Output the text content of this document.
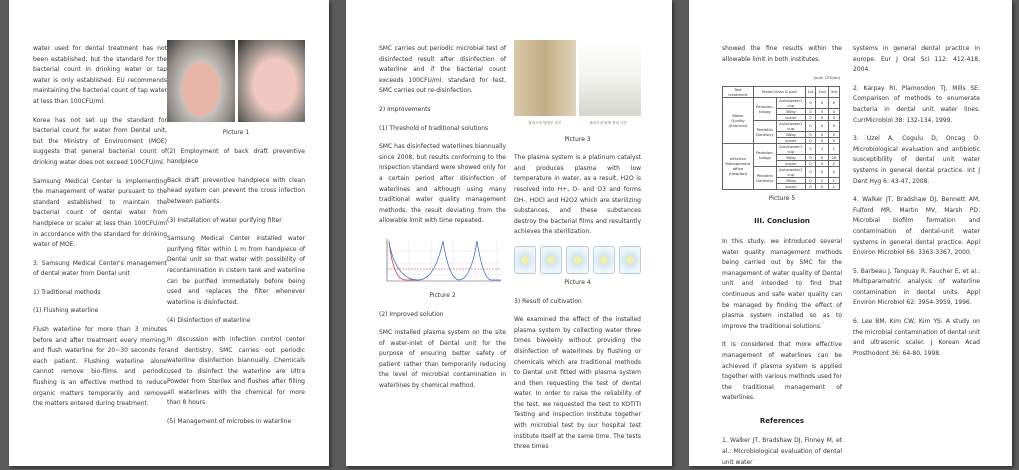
water used for dental treatment has not been established; but the standard for the bacterial count in drinking water or tap water is only established. EU recommends maintaining the bacterial count of tap water at less than 100CFU/ml.

Korea has not set up the standard for bacterial count for water from Dental unit, but the Ministry of Environment (MOE) suggests that general bacterial count of drinking water does not exceed 100CFU/ml.

Samsung Medical Center is implementing the management of water pursuant to the standard established to maintain the bacterial count of dental water from handpiece or scaler at less than 100CFU/ml in accordance with the standard for drinking water of MOE.

3. Samsung Medical Center's management of dental water from Dental unit

1) Traditional methods

(1) Flushing waterline

Flush waterline for more than 3 minutes before and after treatment every morning, and flush waterline for 20~30 seconds for each patient. Flushing waterline alone cannot remove bio-films and periodic flushing is an effective method to reduce organic matters temporarily and remove the matters entered during treatment.

Picture 1

(2) Employment of back draft preventive handpiece

Back draft preventive handpiece with clean head system can prevent the cross infection between patients.

(3) Installation of water purifying filter

Samsung Medical Center installed water purifying filter within 1 m from handpiece of Dental unit so that water with possibility of recontamination in cistern tank and waterline can be purified immediately before being used and replaces the filter whenever waterline is disinfected.

(4) Disinfection of waterline

In discussion with infection control center and dentistry, SMC carries out periodic waterline disinfection biannually. Chemicals used to disinfect the waterline are Ultra Powder from Sterilex and flushes after filling all waterlines with the chemical for more than 8 hours.

(5) Management of microbes in waterline

SMC carries out periodic microbial test of disinfected result after disinfection of waterline and if the bacterial count exceeds 100CFU/ml. standard for test, SMC carries out re-disinfection.

2) Improvements

(1) Threshold of traditional solutions

SMC has disinfected waterlines biannually since 2008, but results conforming to the inspection standard were showed only for a certain period after disinfection of waterlines and although using many traditional water quality management methods, the result deviating from the allowable limit with time repeated.

Picture 2

(2) Improved solution

SMC installed plasma system on the site of water-inlet of Dental unit for the purpose of ensuring better safety of patient rather than temporarily reducing the level of microbial contamination in waterlines by chemical method.

플라즈마 발생부 사진	플라즈마 발생 장치 사진

Picture 3

The plasma system is a platinum catalyst and produces plasma with low temperature in water, as a result, H2O is resolved into H+, O- and O3 and forms OH-, HOCl and H2O2 which are sterilizing substances, and these substances destroy the bacterial films and resultantly achieves the sterilization.

Picture 4

3) Result of cultivation

We examined the effect of the installed plasma system by collecting water three times biweekly without providing the disinfection of waterlines by flushing or chemicals which are traditional methods to Dental unit fitted with plasma system and then requesting the test of dental water. In order to raise the reliability of the test, we requested the test to KOTITI Testing and Inspection Institute together with microbial test by our hospital test institute itself at the same time. The tests three times

showed the fine results within the allowable limit in both institutes.

(unit: CFU/ml)
Test treatment	Tested Area & port		1st	2nd	3rd
Water Quality (External)	Periodon-tology	Auto/water1 cup	0	0	0
		3Way	0	0	0
		scaler	0	0	0
	Pediatric Dentistry	Auto/water1 cup	0	0	0
		3Way	0	0	0
		scaler	0	0	0
Infection Management office (Hospital)	Periodon-tology	Auto/water1 cup	0	1	1
		3Way	0	0	28
		scaler	0	0	0
	Pediatric Dentistry	Auto/water1 cup	0	0	0
		3Way	0	2	1
		scaler	0	0	1

Picture 5

III. Conclusion

In this study, we introduced several water quality management methods being carried out by SMC for the management of water quality of Dental unit and intended to find that continuous and safe water quality can be managed by finding the effect of plasma system installed so as to improve the traditional solutions.

It is considered that more effective management of waterlines can be achieved if plasma system is applied together with various methods used for the traditional management of waterlines.

References

1. Walker JT, Bradshaw DJ, Finney M, et al.: Microbiological evaluation of dental unit water

systems in general dental practice in europe. Eur J Oral Sci 112: 412-418, 2004.

2. Karpay RI, Plamondon TJ, Mills SE: Comparison of methods to enumerate bacteria in dental unit water lines. CurrMicrobiol 38: 132-134, 1999.

3. Uzel A, Cogulu D, Oncag O: Microbiological evaluation and antibiotic susceptibility of dental unit water systems in general dental practice. Int J Dent Hyg 6: 43-47, 2008.

4. Walker JT, Bradshaw DJ, Bennett AM, Fulford MR, Martin MV, Marsh PD: Microbial biofilm formation and contamination of dental-unit water systems in general dental practice. Appl Environ Microbiol 66: 3363-3367, 2000.

5. Barbeau J, Tanguay R, Faucher E, et al.: Multiparametric analysis of waterline contamination in dental units. Appl Environ Microbiol 62: 3954-3959, 1996.

6. Lee BM, Kim CW, Kim YS: A study on the microbial contamination of dental unit and ultrasonic scaler. J Korean Acad Prosthodont 36: 64-80, 1998.
